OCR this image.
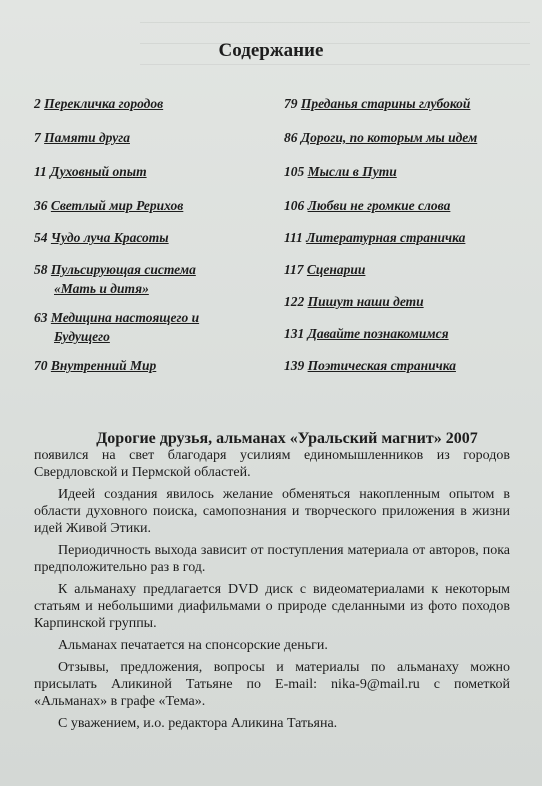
Содержание
2 Перекличка городов
7 Памяти друга
11 Духовный опыт
36 Светлый мир Рерихов
54 Чудо луча Красоты
58 Пульсирующая система
«Мать и дитя»
63 Медицина настоящего и
Будущего
70 Внутренний Мир
79 Преданья старины глубокой
86 Дороги, по которым мы идем
105 Мысли в Пути
106 Любви не громкие слова
111 Литературная страничка
117 Сценарии
122 Пишут наши дети
131 Давайте познакомимся
139 Поэтическая страничка
Дорогие друзья, альманах «Уральский магнит» 2007

появился на свет благодаря усилиям единомышленников из городов Свердловской и Пермской областей.

Идеей создания явилось желание обменяться накопленным опытом в области духовного поиска, самопознания и творческого приложения в жизни идей Живой Этики.

Периодичность выхода зависит от поступления материала от авторов, пока предположительно раз в год.

К альманаху предлагается DVD диск с видеоматериалами к некоторым статьям и небольшими диафильмами о природе сделанными из фото походов Карпинской группы.

Альманах печатается на спонсорские деньги.

Отзывы, предложения, вопросы и материалы по альманаху можно присылать Аликиной Татьяне по E-mail: nika-9@mail.ru с пометкой «Альманах» в графе «Тема».

С уважением, и.о. редактора Аликина Татьяна.
